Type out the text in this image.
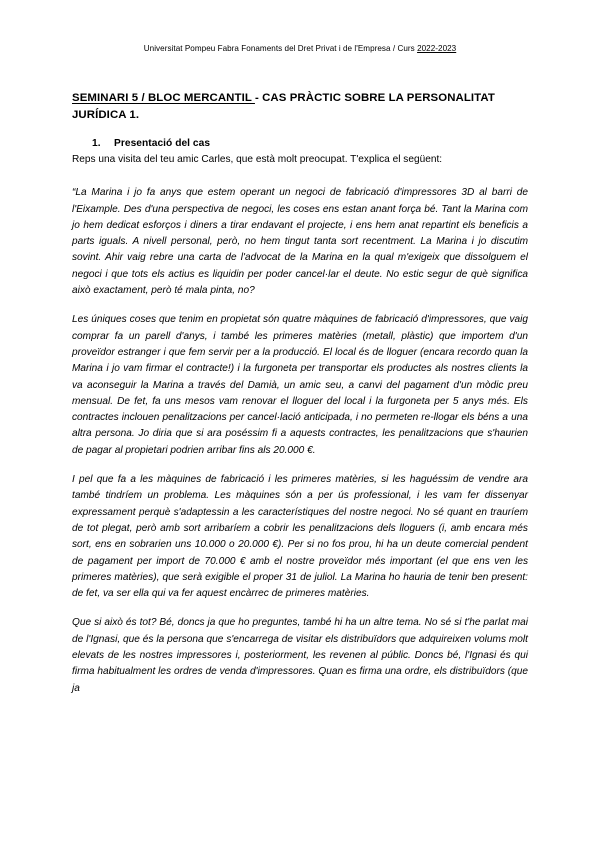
Universitat Pompeu Fabra Fonaments del Dret Privat i de l'Empresa / Curs 2022-2023
SEMINARI 5 / BLOC MERCANTIL - CAS PRÀCTIC SOBRE LA PERSONALITAT JURÍDICA 1.
1. Presentació del cas

Reps una visita del teu amic Carles, que està molt preocupat. T'explica el següent:

“La Marina i jo fa anys que estem operant un negoci de fabricació d'impressores 3D al barri de l'Eixample. Des d'una perspectiva de negoci, les coses ens estan anant força bé. Tant la Marina com jo hem dedicat esforços i diners a tirar endavant el projecte, i ens hem anat repartint els beneficis a parts iguals. A nivell personal, però, no hem tingut tanta sort recentment. La Marina i jo discutim sovint. Ahir vaig rebre una carta de l'advocat de la Marina en la qual m'exigeix que dissolguem el negoci i que tots els actius es liquidin per poder cancel·lar el deute. No estic segur de què significa això exactament, però té mala pinta, no?

Les úniques coses que tenim en propietat són quatre màquines de fabricació d'impressores, que vaig comprar fa un parell d'anys, i també les primeres matèries (metall, plàstic) que importem d'un proveïdor estranger i que fem servir per a la producció. El local és de lloguer (encara recordo quan la Marina i jo vam firmar el contracte!) i la furgoneta per transportar els productes als nostres clients la va aconseguir la Marina a través del Damià, un amic seu, a canvi del pagament d'un mòdic preu mensual. De fet, fa uns mesos vam renovar el lloguer del local i la furgoneta per 5 anys més. Els contractes inclouen penalitzacions per cancel·lació anticipada, i no permeten re-llogar els béns a una altra persona. Jo diria que si ara poséssim fi a aquests contractes, les penalitzacions que s'haurien de pagar al propietari podrien arribar fins als 20.000 €.

I pel que fa a les màquines de fabricació i les primeres matèries, si les haguéssim de vendre ara també tindríem un problema. Les màquines són a per ús professional, i les vam fer dissenyar expressament perquè s'adaptessin a les característiques del nostre negoci. No sé quant en trauríem de tot plegat, però amb sort arribaríem a cobrir les penalitzacions dels lloguers (i, amb encara més sort, ens en sobrarien uns 10.000 o 20.000 €). Per si no fos prou, hi ha un deute comercial pendent de pagament per import de 70.000 € amb el nostre proveïdor més important (el que ens ven les primeres matèries), que serà exigible el proper 31 de juliol. La Marina ho hauria de tenir ben present: de fet, va ser ella qui va fer aquest encàrrec de primeres matèries.

Que si això és tot? Bé, doncs ja que ho preguntes, també hi ha un altre tema. No sé si t'he parlat mai de l'Ignasi, que és la persona que s'encarrega de visitar els distribuïdors que adquireixen volums molt elevats de les nostres impressores i, posteriorment, les revenen al públic. Doncs bé, l'Ignasi és qui firma habitualment les ordres de venda d'impressores. Quan es firma una ordre, els distribuïdors (que ja
